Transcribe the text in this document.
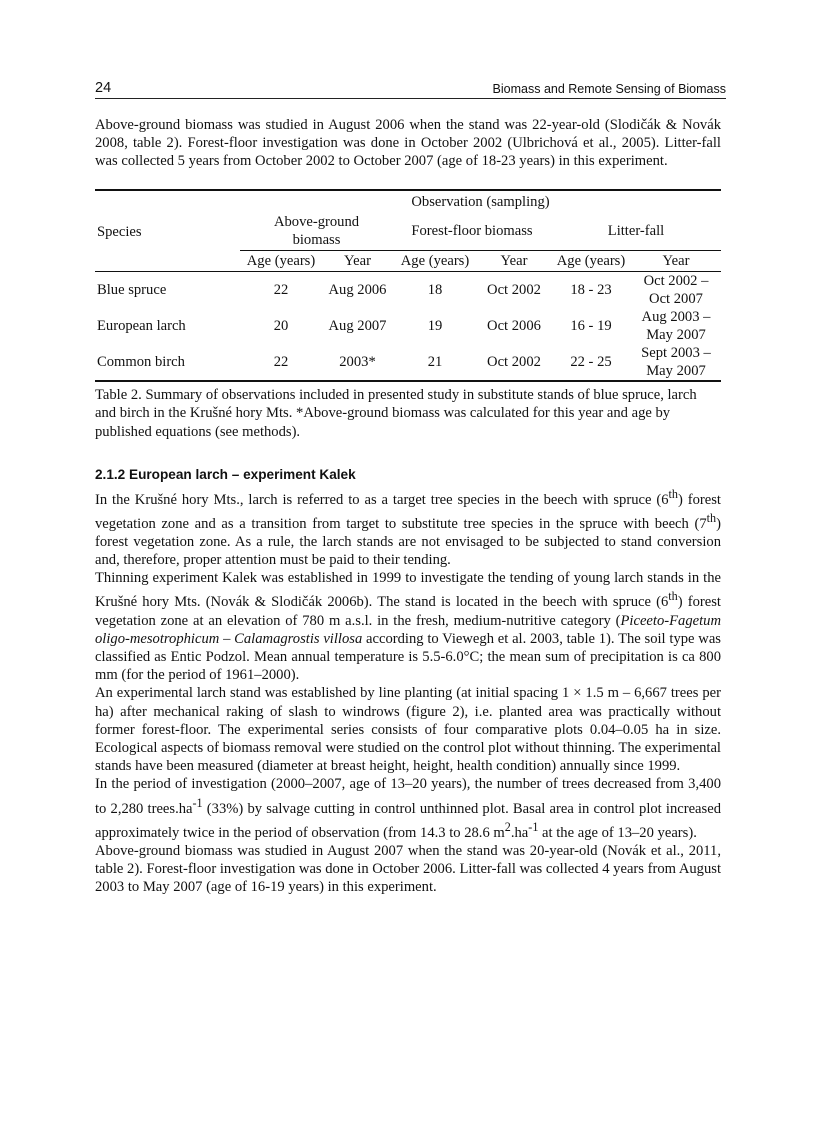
24	Biomass and Remote Sensing of Biomass

Above-ground biomass was studied in August 2006 when the stand was 22-year-old (Slodičák & Novák 2008, table 2). Forest-floor investigation was done in October 2002 (Ulbrichová et al., 2005). Litter-fall was collected 5 years from October 2002 to October 2007 (age of 18-23 years) in this experiment.

	Observation (sampling)					
Species	Above-ground biomass		Forest-floor biomass		Litter-fall	

	Age (years)	Year	Age (years)	Year	Age (years)	Year
Blue spruce	22	Aug 2006	18	Oct 2002	18 - 23	Oct 2002 –
Oct 2007
European larch	20	Aug 2007	19	Oct 2006	16 - 19	Aug 2003 –
May 2007
Common birch	22	2003*	21	Oct 2002	22 - 25	Sept 2003 –
May 2007

Table 2. Summary of observations included in presented study in substitute stands of blue spruce, larch and birch in the Krušné hory Mts. *Above-ground biomass was calculated for this year and age by published equations (see methods).

2.1.2 European larch – experiment Kalek

In the Krušné hory Mts., larch is referred to as a target tree species in the beech with spruce (6th) forest vegetation zone and as a transition from target to substitute tree species in the spruce with beech (7th) forest vegetation zone. As a rule, the larch stands are not envisaged to be subjected to stand conversion and, therefore, proper attention must be paid to their tending.

Thinning experiment Kalek was established in 1999 to investigate the tending of young larch stands in the Krušné hory Mts. (Novák & Slodičák 2006b). The stand is located in the beech with spruce (6th) forest vegetation zone at an elevation of 780 m a.s.l. in the fresh, medium-nutritive category (Piceeto-Fagetum oligo-mesotrophicum – Calamagrostis villosa according to Viewegh et al. 2003, table 1). The soil type was classified as Entic Podzol. Mean annual temperature is 5.5-6.0°C; the mean sum of precipitation is ca 800 mm (for the period of 1961–2000).

An experimental larch stand was established by line planting (at initial spacing 1 × 1.5 m – 6,667 trees per ha) after mechanical raking of slash to windrows (figure 2), i.e. planted area was practically without former forest-floor. The experimental series consists of four comparative plots 0.04–0.05 ha in size. Ecological aspects of biomass removal were studied on the control plot without thinning. The experimental stands have been measured (diameter at breast height, height, health condition) annually since 1999.

In the period of investigation (2000–2007, age of 13–20 years), the number of trees decreased from 3,400 to 2,280 $trees.ha^{-1}$ (33%) by salvage cutting in control unthinned plot. Basal area in control plot increased approximately twice in the period of observation (from 14.3 to 28.6 $m^2.ha^{-1}$ at the age of 13–20 years).

Above-ground biomass was studied in August 2007 when the stand was 20-year-old (Novák et al., 2011, table 2). Forest-floor investigation was done in October 2006. Litter-fall was collected 4 years from August 2003 to May 2007 (age of 16-19 years) in this experiment.
